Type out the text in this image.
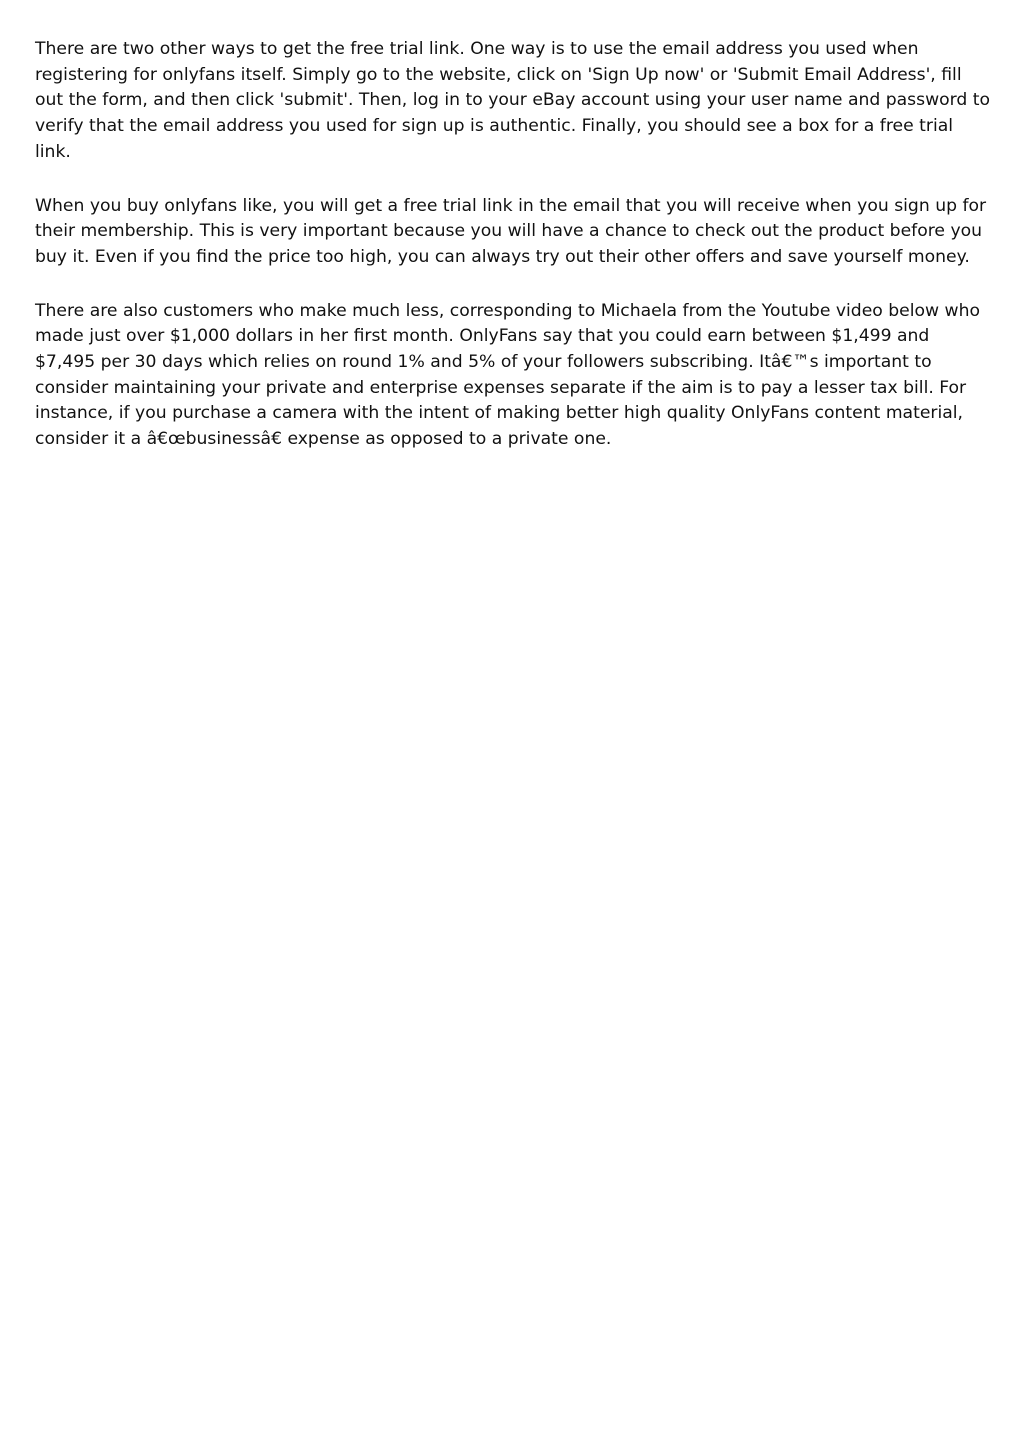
There are two other ways to get the free trial link. One way is to use the email address you used when registering for onlyfans itself. Simply go to the website, click on 'Sign Up now' or 'Submit Email Address', fill out the form, and then click 'submit'. Then, log in to your eBay account using your user name and password to verify that the email address you used for sign up is authentic. Finally, you should see a box for a free trial link.

When you buy onlyfans like, you will get a free trial link in the email that you will receive when you sign up for their membership. This is very important because you will have a chance to check out the product before you buy it. Even if you find the price too high, you can always try out their other offers and save yourself money.

There are also customers who make much less, corresponding to Michaela from the Youtube video below who made just over $1,000 dollars in her first month. OnlyFans say that you could earn between $1,499 and $7,495 per 30 days which relies on round 1% and 5% of your followers subscribing. Itâ€™s important to consider maintaining your private and enterprise expenses separate if the aim is to pay a lesser tax bill. For instance, if you purchase a camera with the intent of making better high quality OnlyFans content material, consider it a â€œbusinessâ€ expense as opposed to a private one.
